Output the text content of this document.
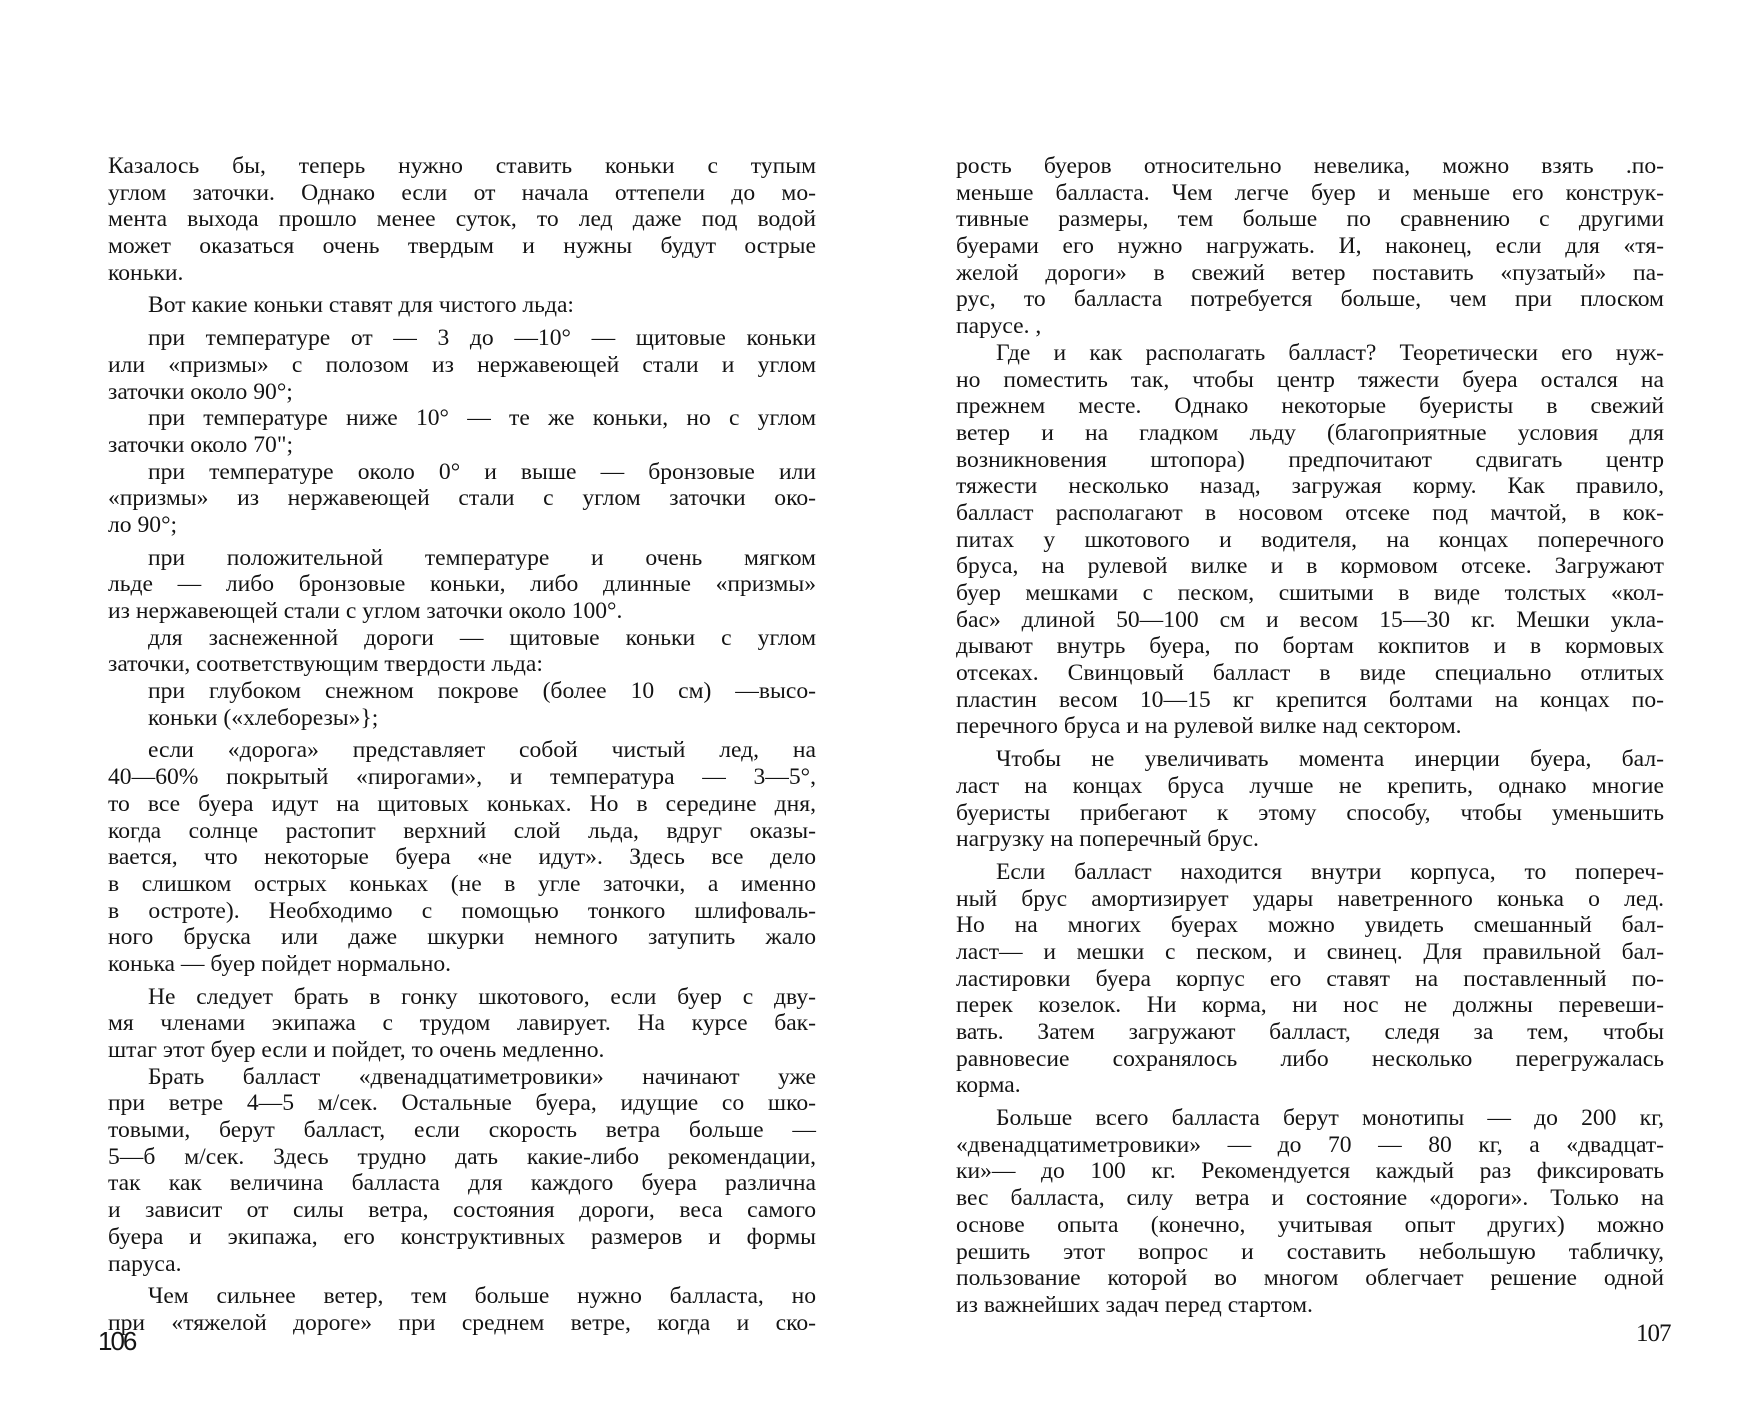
Казалось бы, теперь нужно ставить коньки с тупым
углом заточки. Однако если от начала оттепели до мо-
мента выхода прошло менее суток, то лед даже под водой
может оказаться очень твердым и нужны будут острые
коньки.
Вот какие коньки ставят для чистого льда:
при температуре от — 3 до —10° — щитовые коньки
или «призмы» с полозом из нержавеющей стали и углом
заточки около 90°;
при температуре ниже 10° — те же коньки, но с углом
заточки около 70";
при температуре около 0° и выше — бронзовые или
«призмы» из нержавеющей стали с углом заточки око-
ло 90°;
при положительной температуре и очень мягком
льде — либо бронзовые коньки, либо длинные «призмы»
из нержавеющей стали с углом заточки около 100°.
для заснеженной дороги — щитовые коньки с углом
заточки, соответствующим твердости льда:
при глубоком снежном покрове (более 10 см) —высо-
коньки («хлеборезы»};
если «дорога» представляет собой чистый лед, на
40—60% покрытый «пирогами», и температура — 3—5°,
то все буера идут на щитовых коньках. Но в середине дня,
когда солнце растопит верхний слой льда, вдруг оказы-
вается, что некоторые буера «не идут». Здесь все дело
в слишком острых коньках (не в угле заточки, а именно
в остроте). Необходимо с помощью тонкого шлифоваль-
ного бруска или даже шкурки немного затупить жало
конька — буер пойдет нормально.
Не следует брать в гонку шкотового, если буер с дву-
мя членами экипажа с трудом лавирует. На курсе бак-
штаг этот буер если и пойдет, то очень медленно.
Брать балласт «двенадцатиметровики» начинают уже
при ветре 4—5 м/сек. Остальные буера, идущие со шко-
товыми, берут балласт, если скорость ветра больше —
5—б м/сек. Здесь трудно дать какие-либо рекомендации,
так как величина балласта для каждого буера различна
и зависит от силы ветра, состояния дороги, веса самого
буера и экипажа, его конструктивных размеров и формы
паруса.
Чем сильнее ветер, тем больше нужно балласта, но
при «тяжелой дороге» при среднем ветре, когда и ско-
106
рость буеров относительно невелика, можно взять .по-
меньше балласта. Чем легче буер и меньше его конструк-
тивные размеры, тем больше по сравнению с другими
буерами его нужно нагружать. И, наконец, если для «тя-
желой дороги» в свежий ветер поставить «пузатый» па-
рус, то балласта потребуется больше, чем при плоском
парусе. ,
Где и как располагать балласт? Теоретически его нуж-
но поместить так, чтобы центр тяжести буера остался на
прежнем месте. Однако некоторые буеристы в свежий
ветер и на гладком льду (благоприятные условия для
возникновения штопора) предпочитают сдвигать центр
тяжести несколько назад, загружая корму. Как правило,
балласт располагают в носовом отсеке под мачтой, в кок-
питах у шкотового и водителя, на концах поперечного
бруса, на рулевой вилке и в кормовом отсеке. Загружают
буер мешками с песком, сшитыми в виде толстых «кол-
бас» длиной 50—100 см и весом 15—30 кг. Мешки укла-
дывают внутрь буера, по бортам кокпитов и в кормовых
отсеках. Свинцовый балласт в виде специально отлитых
пластин весом 10—15 кг крепится болтами на концах по-
перечного бруса и на рулевой вилке над сектором.
Чтобы не увеличивать момента инерции буера, бал-
ласт на концах бруса лучше не крепить, однако многие
буеристы прибегают к этому способу, чтобы уменьшить
нагрузку на поперечный брус.
Если балласт находится внутри корпуса, то попереч-
ный брус амортизирует удары наветренного конька о лед.
Но на многих буерах можно увидеть смешанный бал-
ласт— и мешки с песком, и свинец. Для правильной бал-
ластировки буера корпус его ставят на поставленный по-
перек козелок. Ни корма, ни нос не должны перевеши-
вать. Затем загружают балласт, следя за тем, чтобы
равновесие сохранялось либо несколько перегружалась
корма.
Больше всего балласта берут монотипы — до 200 кг,
«двенадцатиметровики» — до 70 — 80 кг, а «двадцат-
ки»— до 100 кг. Рекомендуется каждый раз фиксировать
вес балласта, силу ветра и состояние «дороги». Только на
основе опыта (конечно, учитывая опыт других) можно
решить этот вопрос и составить небольшую табличку,
пользование которой во многом облегчает решение одной
из важнейших задач перед стартом.
107
